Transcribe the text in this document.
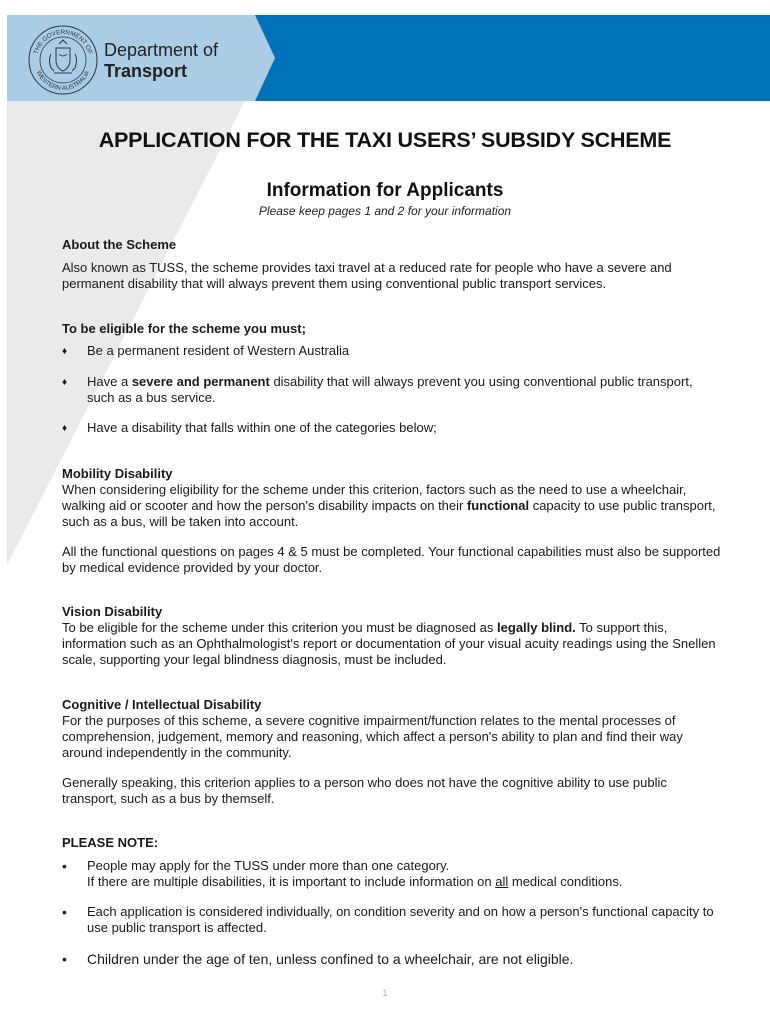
THE GOVERNMENT OF
WESTERN AUSTRALIA
Department of
Transport
APPLICATION FOR THE TAXI USERS’ SUBSIDY SCHEME
Information for Applicants
Please keep pages 1 and 2 for your information
About the Scheme
Also known as TUSS, the scheme provides taxi travel at a reduced rate for people who have a severe and permanent disability that will always prevent them using conventional public transport services.
To be eligible for the scheme you must;
♦	Be a permanent resident of Western Australia
♦	Have a severe and permanent disability that will always prevent you using conventional public transport, such as a bus service.
♦	Have a disability that falls within one of the categories below;
Mobility Disability
When considering eligibility for the scheme under this criterion, factors such as the need to use a wheelchair, walking aid or scooter and how the person's disability impacts on their functional capacity to use public transport, such as a bus, will be taken into account.
All the functional questions on pages 4 & 5 must be completed. Your functional capabilities must also be supported by medical evidence provided by your doctor.
Vision Disability
To be eligible for the scheme under this criterion you must be diagnosed as legally blind. To support this, information such as an Ophthalmologist's report or documentation of your visual acuity readings using the Snellen scale, supporting your legal blindness diagnosis, must be included.
Cognitive / Intellectual Disability
For the purposes of this scheme, a severe cognitive impairment/function relates to the mental processes of comprehension, judgement, memory and reasoning, which affect a person's ability to plan and find their way around independently in the community.
Generally speaking, this criterion applies to a person who does not have the cognitive ability to use public transport, such as a bus by themself.
PLEASE NOTE:
•	People may apply for the TUSS under more than one category.
If there are multiple disabilities, it is important to include information on all medical conditions.
•	Each application is considered individually, on condition severity and on how a person's functional capacity to use public transport is affected.
•	Children under the age of ten, unless confined to a wheelchair, are not eligible.
1
